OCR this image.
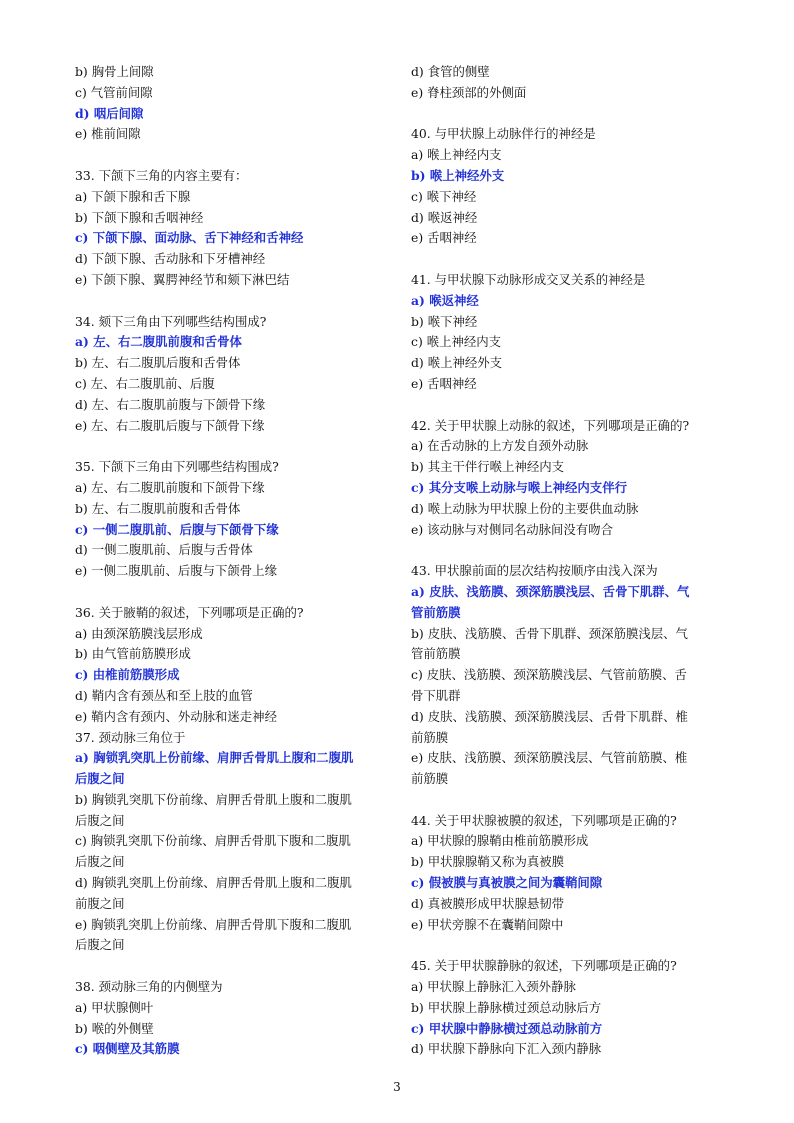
b) 胸骨上间隙
c) 气管前间隙
d) 咽后间隙
e) 椎前间隙
33. 下颌下三角的内容主要有：
a) 下颌下腺和舌下腺
b) 下颌下腺和舌咽神经
c) 下颌下腺、面动脉、舌下神经和舌神经
d) 下颌下腺、舌动脉和下牙槽神经
e) 下颌下腺、翼腭神经节和颏下淋巴结
34. 颏下三角由下列哪些结构围成?
a) 左、右二腹肌前腹和舌骨体
b) 左、右二腹肌后腹和舌骨体
c) 左、右二腹肌前、后腹
d) 左、右二腹肌前腹与下颌骨下缘
e) 左、右二腹肌后腹与下颌骨下缘
35. 下颌下三角由下列哪些结构围成?
a) 左、右二腹肌前腹和下颌骨下缘
b) 左、右二腹肌前腹和舌骨体
c) 一侧二腹肌前、后腹与下颌骨下缘
d) 一侧二腹肌前、后腹与舌骨体
e) 一侧二腹肌前、后腹与下颌骨上缘
36. 关于腋鞘的叙述，下列哪项是正确的?
a) 由颈深筋膜浅层形成
b) 由气管前筋膜形成
c) 由椎前筋膜形成
d) 鞘内含有颈丛和至上肢的血管
e) 鞘内含有颈内、外动脉和迷走神经
37. 颈动脉三角位于
a) 胸锁乳突肌上份前缘、肩胛舌骨肌上腹和二腹肌
后腹之间
b) 胸锁乳突肌下份前缘、肩胛舌骨肌上腹和二腹肌
后腹之间
c) 胸锁乳突肌下份前缘、肩胛舌骨肌下腹和二腹肌
后腹之间
d) 胸锁乳突肌上份前缘、肩胛舌骨肌上腹和二腹肌
前腹之间
e) 胸锁乳突肌上份前缘、肩胛舌骨肌下腹和二腹肌
后腹之间
38. 颈动脉三角的内侧壁为
a) 甲状腺侧叶
b) 喉的外侧壁
c) 咽侧壁及其筋膜
d) 食管的侧壁
e) 脊柱颈部的外侧面
40. 与甲状腺上动脉伴行的神经是
a) 喉上神经内支
b) 喉上神经外支
c) 喉下神经
d) 喉返神经
e) 舌咽神经
41. 与甲状腺下动脉形成交叉关系的神经是
a) 喉返神经
b) 喉下神经
c) 喉上神经内支
d) 喉上神经外支
e) 舌咽神经
42. 关于甲状腺上动脉的叙述，下列哪项是正确的?
a) 在舌动脉的上方发自颈外动脉
b) 其主干伴行喉上神经内支
c) 其分支喉上动脉与喉上神经内支伴行
d) 喉上动脉为甲状腺上份的主要供血动脉
e) 该动脉与对侧同名动脉间没有吻合
43. 甲状腺前面的层次结构按顺序由浅入深为
a) 皮肤、浅筋膜、颈深筋膜浅层、舌骨下肌群、气
管前筋膜
b) 皮肤、浅筋膜、舌骨下肌群、颈深筋膜浅层、气
管前筋膜
c) 皮肤、浅筋膜、颈深筋膜浅层、气管前筋膜、舌
骨下肌群
d) 皮肤、浅筋膜、颈深筋膜浅层、舌骨下肌群、椎
前筋膜
e) 皮肤、浅筋膜、颈深筋膜浅层、气管前筋膜、椎
前筋膜
44. 关于甲状腺被膜的叙述，下列哪项是正确的?
a) 甲状腺的腺鞘由椎前筋膜形成
b) 甲状腺腺鞘又称为真被膜
c) 假被膜与真被膜之间为囊鞘间隙
d) 真被膜形成甲状腺悬韧带
e) 甲状旁腺不在囊鞘间隙中
45. 关于甲状腺静脉的叙述，下列哪项是正确的?
a) 甲状腺上静脉汇入颈外静脉
b) 甲状腺上静脉横过颈总动脉后方
c) 甲状腺中静脉横过颈总动脉前方
d) 甲状腺下静脉向下汇入颈内静脉
3
